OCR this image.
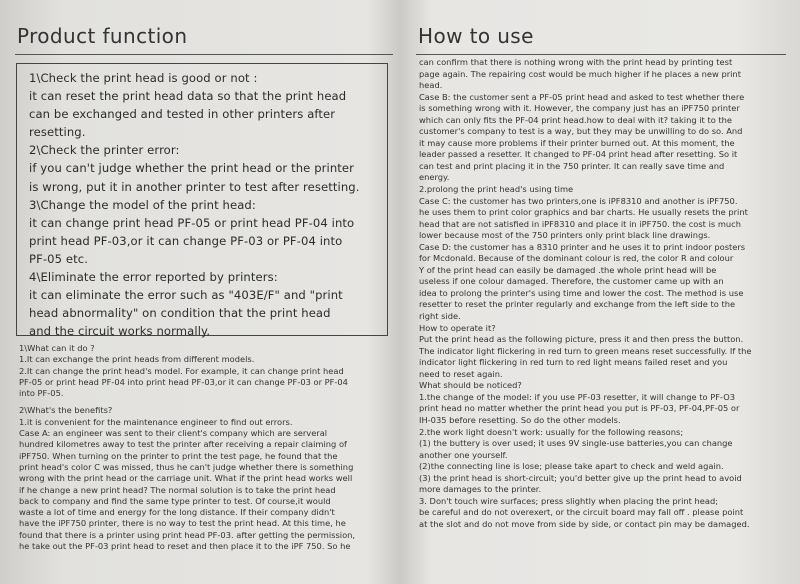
Product function

1\Check the print head is good or not :

it can reset the print head data so that the print head

can be exchanged and tested in other printers after

resetting.

2\Check the printer error:

if you can't judge whether the print head or the printer

is wrong, put it in another printer to test after resetting.

3\Change the model of the print head:

it can change print head PF-05 or print head PF-04 into

print head PF-03,or it can change PF-03 or PF-04 into

PF-05 etc.

4\Eliminate the error reported by printers:

it can eliminate the error such as "403E/F" and "print

head abnormality" on condition that the print head

and the circuit works normally.

1\What can it do ?

1.It can exchange the print heads from different models.

2.It can change the print head's model. For example, it can change print head

PF-05 or print head PF-04 into print head PF-03,or it can change PF-03 or PF-04

into PF-05.

2\What's the benefits?

1.it is convenient for the maintenance engineer to find out errors.

Case A: an engineer was sent to their client's company which are serveral

hundred kilometres away to test the printer after receiving a repair claiming of

iPF750. When turning on the printer to print the test page, he found that the

print head's color C was missed, thus he can't judge whether there is something

wrong with the print head or the carriage unit. What if the print head works well

if he change a new print head? The normal solution is to take the print head

back to company and find the same type printer to test. Of course,it would

waste a lot of time and energy for the long distance. If their company didn't

have the iPF750 printer, there is no way to test the print head. At this time, he

found that there is a printer using print head PF-03. after getting the permission,

he take out the PF-03 print head to reset and then place it to the iPF 750. So he

How to use

can confirm that there is nothing wrong with the print head by printing test

page again. The repairing cost would be much higher if he places a new print

head.

Case B: the customer sent a PF-05 print head and asked to test whether there

is something wrong with it. However, the company just has an iPF750 printer

which can only fits the PF-04 print head.how to deal with it? taking it to the

customer's company to test is a way, but they may be unwilling to do so. And

it may cause more problems if their printer burned out. At this moment, the

leader passed a resetter. It changed to PF-04 print head after resetting. So it

can test and print placing it in the 750 printer. It can really save time and

energy.

2.prolong the print head's using time

Case C: the customer has two printers,one is iPF8310 and another is iPF750.

he uses them to print color graphics and bar charts. He usually resets the print

head that are not satisfied in iPF8310 and place it in iPF750. the cost is much

lower because most of the 750 printers only print black line drawings.

Case D: the customer has a 8310 printer and he uses it to print indoor posters

for Mcdonald. Because of the dominant colour is red, the color R and colour

Y of the print head can easily be damaged .the whole print head will be

useless if one colour damaged. Therefore, the customer came up with an

idea to prolong the printer's using time and lower the cost. The method is use

resetter to reset the printer regularly and exchange from the left side to the

right side.

How to operate it?

Put the print head as the following picture, press it and then press the button.

The indicator light flickering in red turn to green means reset successfully. If the

indicator light flickering in red turn to red light means failed reset and you

need to reset again.

What should be noticed?

1.the change of the model: if you use PF-03 resetter, it will change to PF-O3

print head no matter whether the print head you put is PF-03, PF-04,PF-05 or

IH-035 before resetting. So do the other models.

2.the work light doesn't work: usually for the following reasons;

(1) the buttery is over used; it uses 9V single-use batteries,you can change

another one yourself.

(2)the connecting line is lose; please take apart to check and weld again.

(3) the print head is short-circuit; you'd better give up the print head to avoid

more damages to the printer.

3. Don't touch wire surfaces; press slightly when placing the print head;

be careful and do not overexert, or the circuit board may fall off . please point

at the slot and do not move from side by side, or contact pin may be damaged.
